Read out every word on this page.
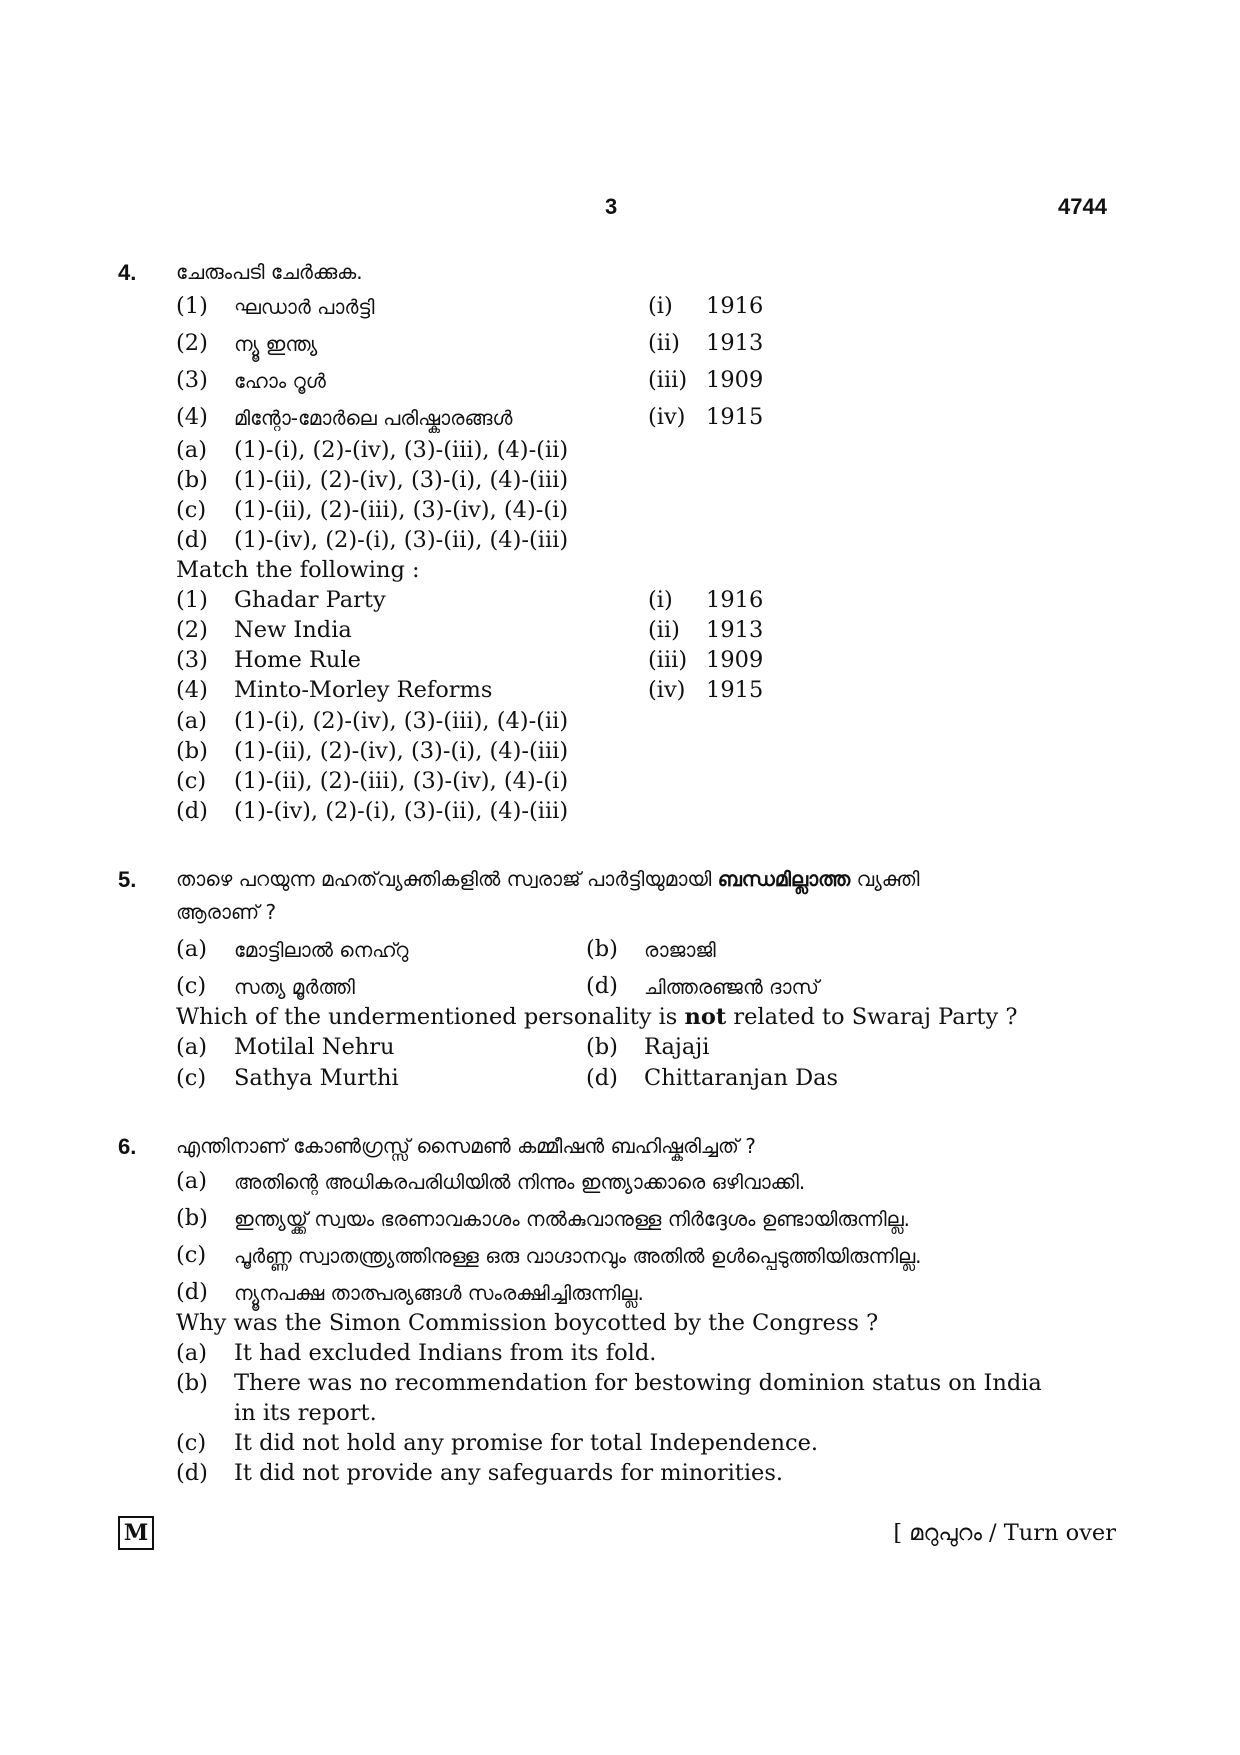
3	4744
4. ചേരുംപടി ചേർക്കുക.
(1) ഘഡാർ പാർട്ടി	(i) 1916
(2) ന്യൂ ഇന്ത്യ	(ii) 1913
(3) ഹോം റൂൾ	(iii) 1909
(4) മിന്റോ-മോർലെ പരിഷ്കാരങ്ങൾ	(iv) 1915
(a) (1)-(i), (2)-(iv), (3)-(iii), (4)-(ii)
(b) (1)-(ii), (2)-(iv), (3)-(i), (4)-(iii)
(c) (1)-(ii), (2)-(iii), (3)-(iv), (4)-(i)
(d) (1)-(iv), (2)-(i), (3)-(ii), (4)-(iii)
Match the following :
(1) Ghadar Party	(i) 1916
(2) New India	(ii) 1913
(3) Home Rule	(iii) 1909
(4) Minto-Morley Reforms	(iv) 1915
(a) (1)-(i), (2)-(iv), (3)-(iii), (4)-(ii)
(b) (1)-(ii), (2)-(iv), (3)-(i), (4)-(iii)
(c) (1)-(ii), (2)-(iii), (3)-(iv), (4)-(i)
(d) (1)-(iv), (2)-(i), (3)-(ii), (4)-(iii)
5. താഴെ പറയുന്ന മഹത്‌വ്യക്തികളിൽ സ്വരാജ് പാർട്ടിയുമായി ബന്ധമില്ലാത്ത വ്യക്തി
ആരാണ് ?
(a) മോട്ടിലാൽ നെഹ്റു	(b) രാജാജി
(c) സത്യ മൂർത്തി	(d) ചിത്തരഞ്ജൻ ദാസ്
Which of the undermentioned personality is not related to Swaraj Party ?
(a) Motilal Nehru	(b) Rajaji
(c) Sathya Murthi	(d) Chittaranjan Das
6. എന്തിനാണ് കോൺഗ്രസ്സ് സൈമൺ കമ്മീഷൻ ബഹിഷ്കരിച്ചത് ?
(a) അതിന്റെ അധികരപരിധിയിൽ നിന്നും ഇന്ത്യാക്കാരെ ഒഴിവാക്കി.
(b) ഇന്ത്യയ്ക്ക് സ്വയം ഭരണാവകാശം നൽകുവാനുള്ള നിർദ്ദേശം ഉണ്ടായിരുന്നില്ല.
(c) പൂർണ്ണ സ്വാതന്ത്ര്യത്തിനുള്ള ഒരു വാഗ്ദാനവും അതിൽ ഉൾപ്പെടുത്തിയിരുന്നില്ല.
(d) ന്യൂനപക്ഷ താത്പര്യങ്ങൾ സംരക്ഷിച്ചിരുന്നില്ല.
Why was the Simon Commission boycotted by the Congress ?
(a) It had excluded Indians from its fold.
(b) There was no recommendation for bestowing dominion status on India
in its report.
(c) It did not hold any promise for total Independence.
(d) It did not provide any safeguards for minorities.
M	[ മറുപുറം / Turn over
